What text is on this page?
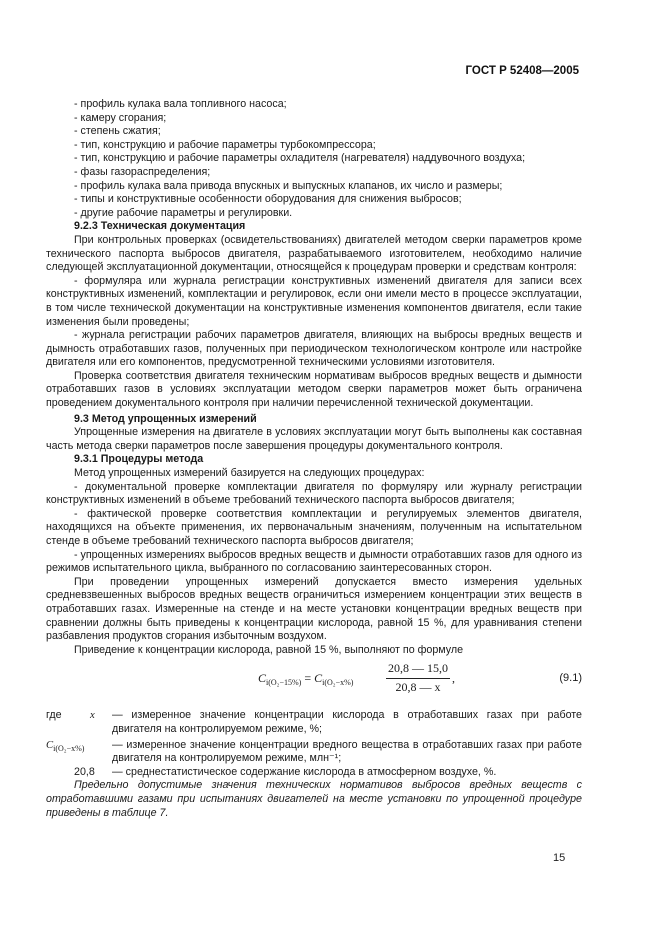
ГОСТ Р 52408—2005
- профиль кулака вала топливного насоса;
- камеру сгорания;
- степень сжатия;
- тип, конструкцию и рабочие параметры турбокомпрессора;
- тип, конструкцию и рабочие параметры охладителя (нагревателя) наддувочного воздуха;
- фазы газораспределения;
- профиль кулака вала привода впускных и выпускных клапанов, их число и размеры;
- типы и конструктивные особенности оборудования для снижения выбросов;
- другие рабочие параметры и регулировки.

9.2.3 Техническая документация

При контрольных проверках (освидетельствованиях) двигателей методом сверки параметров кроме технического паспорта выбросов двигателя, разрабатываемого изготовителем, необходимо наличие следующей эксплуатационной документации, относящейся к процедурам проверки и средствам контроля:

- формуляра или журнала регистрации конструктивных изменений двигателя для записи всех конструктивных изменений, комплектации и регулировок, если они имели место в процессе эксплуатации, в том числе технической документации на конструктивные изменения компонентов двигателя, если такие изменения были проведены;

- журнала регистрации рабочих параметров двигателя, влияющих на выбросы вредных веществ и дымность отработавших газов, полученных при периодическом технологическом контроле или настройке двигателя или его компонентов, предусмотренной техническими условиями изготовителя.

Проверка соответствия двигателя техническим нормативам выбросов вредных веществ и дымности отработавших газов в условиях эксплуатации методом сверки параметров может быть ограничена проведением документального контроля при наличии перечисленной технической документации.

9.3 Метод упрощенных измерений

Упрощенные измерения на двигателе в условиях эксплуатации могут быть выполнены как составная часть метода сверки параметров после завершения процедуры документального контроля.

9.3.1 Процедуры метода

Метод упрощенных измерений базируется на следующих процедурах:

- документальной проверке комплектации двигателя по формуляру или журналу регистрации конструктивных изменений в объеме требований технического паспорта выбросов двигателя;

- фактической проверке соответствия комплектации и регулируемых элементов двигателя, находящихся на объекте применения, их первоначальным значениям, полученным на испытательном стенде в объеме требований технического паспорта выбросов двигателя;

- упрощенных измерениях выбросов вредных веществ и дымности отработавших газов для одного из режимов испытательного цикла, выбранного по согласованию заинтересованных сторон.

При проведении упрощенных измерений допускается вместо измерения удельных средневзвешенных выбросов вредных веществ ограничиться измерением концентрации этих веществ в отработавших газах. Измеренные на стенде и на месте установки концентрации вредных веществ при сравнении должны быть приведены к концентрации кислорода, равной 15 %, для уравнивания степени разбавления продуктов сгорания избыточным воздухом.

Приведение к концентрации кислорода, равной 15 %, выполняют по формуле

$C_{i(O_2-15\%)} = C_{i(O_2-x\%)}$	$\frac{20,8 — 15,0}{20,8 — x}$ ,	(9.1)

где	x	— измеренное значение концентрации кислорода в отработавших газах при работе двигателя на контролируемом режиме, %;

$C_{i(O_2-x\%)}$	— измеренное значение концентрации вредного вещества в отработавших газах при работе двигателя на контролируемом режиме, млн⁻¹;

20,8	— среднестатистическое содержание кислорода в атмосферном воздухе, %.

Предельно допустимые значения технических нормативов выбросов вредных веществ с отработавшими газами при испытаниях двигателей на месте установки по упрощенной процедуре приведены в таблице 7.

15
